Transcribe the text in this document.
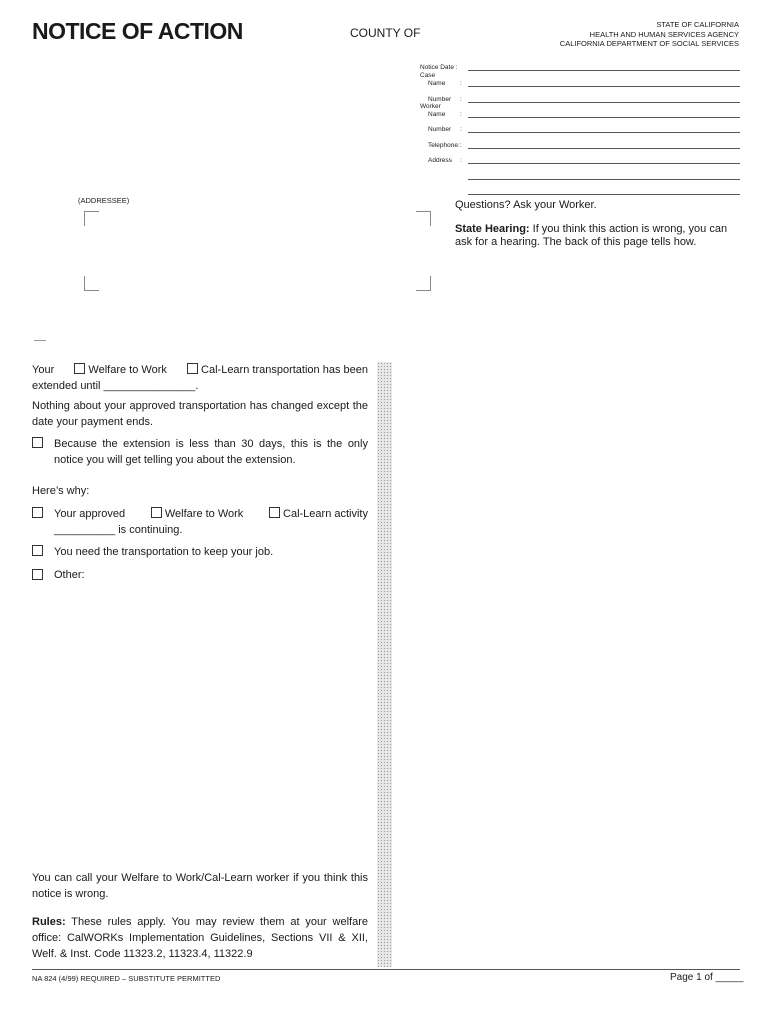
NOTICE OF ACTION	COUNTY OF
STATE OF CALIFORNIA
HEALTH AND HUMAN SERVICES AGENCY
CALIFORNIA DEPARTMENT OF SOCIAL SERVICES
Notice Date :
Case
Name :
Number :
Worker
Name :
Number :
Telephone: :
Address :
(ADDRESSEE)	Questions? Ask your Worker.
State Hearing: If you think this action is wrong, you can ask for a hearing. The back of this page tells how.
Your	Welfare to Work	Cal-Learn transportation has been
extended until _______________.
Nothing about your approved transportation has changed except the date your payment ends.
Because the extension is less than 30 days, this is the only notice you will get telling you about the extension.
Here’s why:
Your approved	Welfare to Work	Cal-Learn activity
__________ is continuing.
You need the transportation to keep your job.
Other:
You can call your Welfare to Work/Cal-Learn worker if you think this notice is wrong.
Rules: These rules apply. You may review them at your welfare office: CalWORKs Implementation Guidelines, Sections VII & XII, Welf. & Inst. Code 11323.2, 11323.4, 11322.9
NA 824 (4/99) REQUIRED – SUBSTITUTE PERMITTED	Page 1 of _____
